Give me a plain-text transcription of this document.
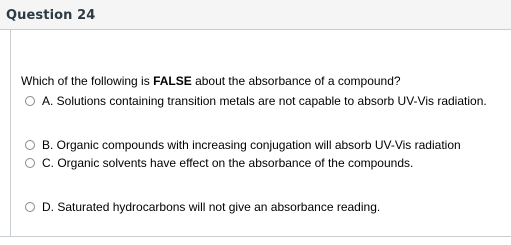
Question 24
Which of the following is FALSE about the absorbance of a compound?
A. Solutions containing transition metals are not capable to absorb UV-Vis radiation.
B. Organic compounds with increasing conjugation will absorb UV-Vis radiation
C. Organic solvents have effect on the absorbance of the compounds.
D. Saturated hydrocarbons will not give an absorbance reading.
